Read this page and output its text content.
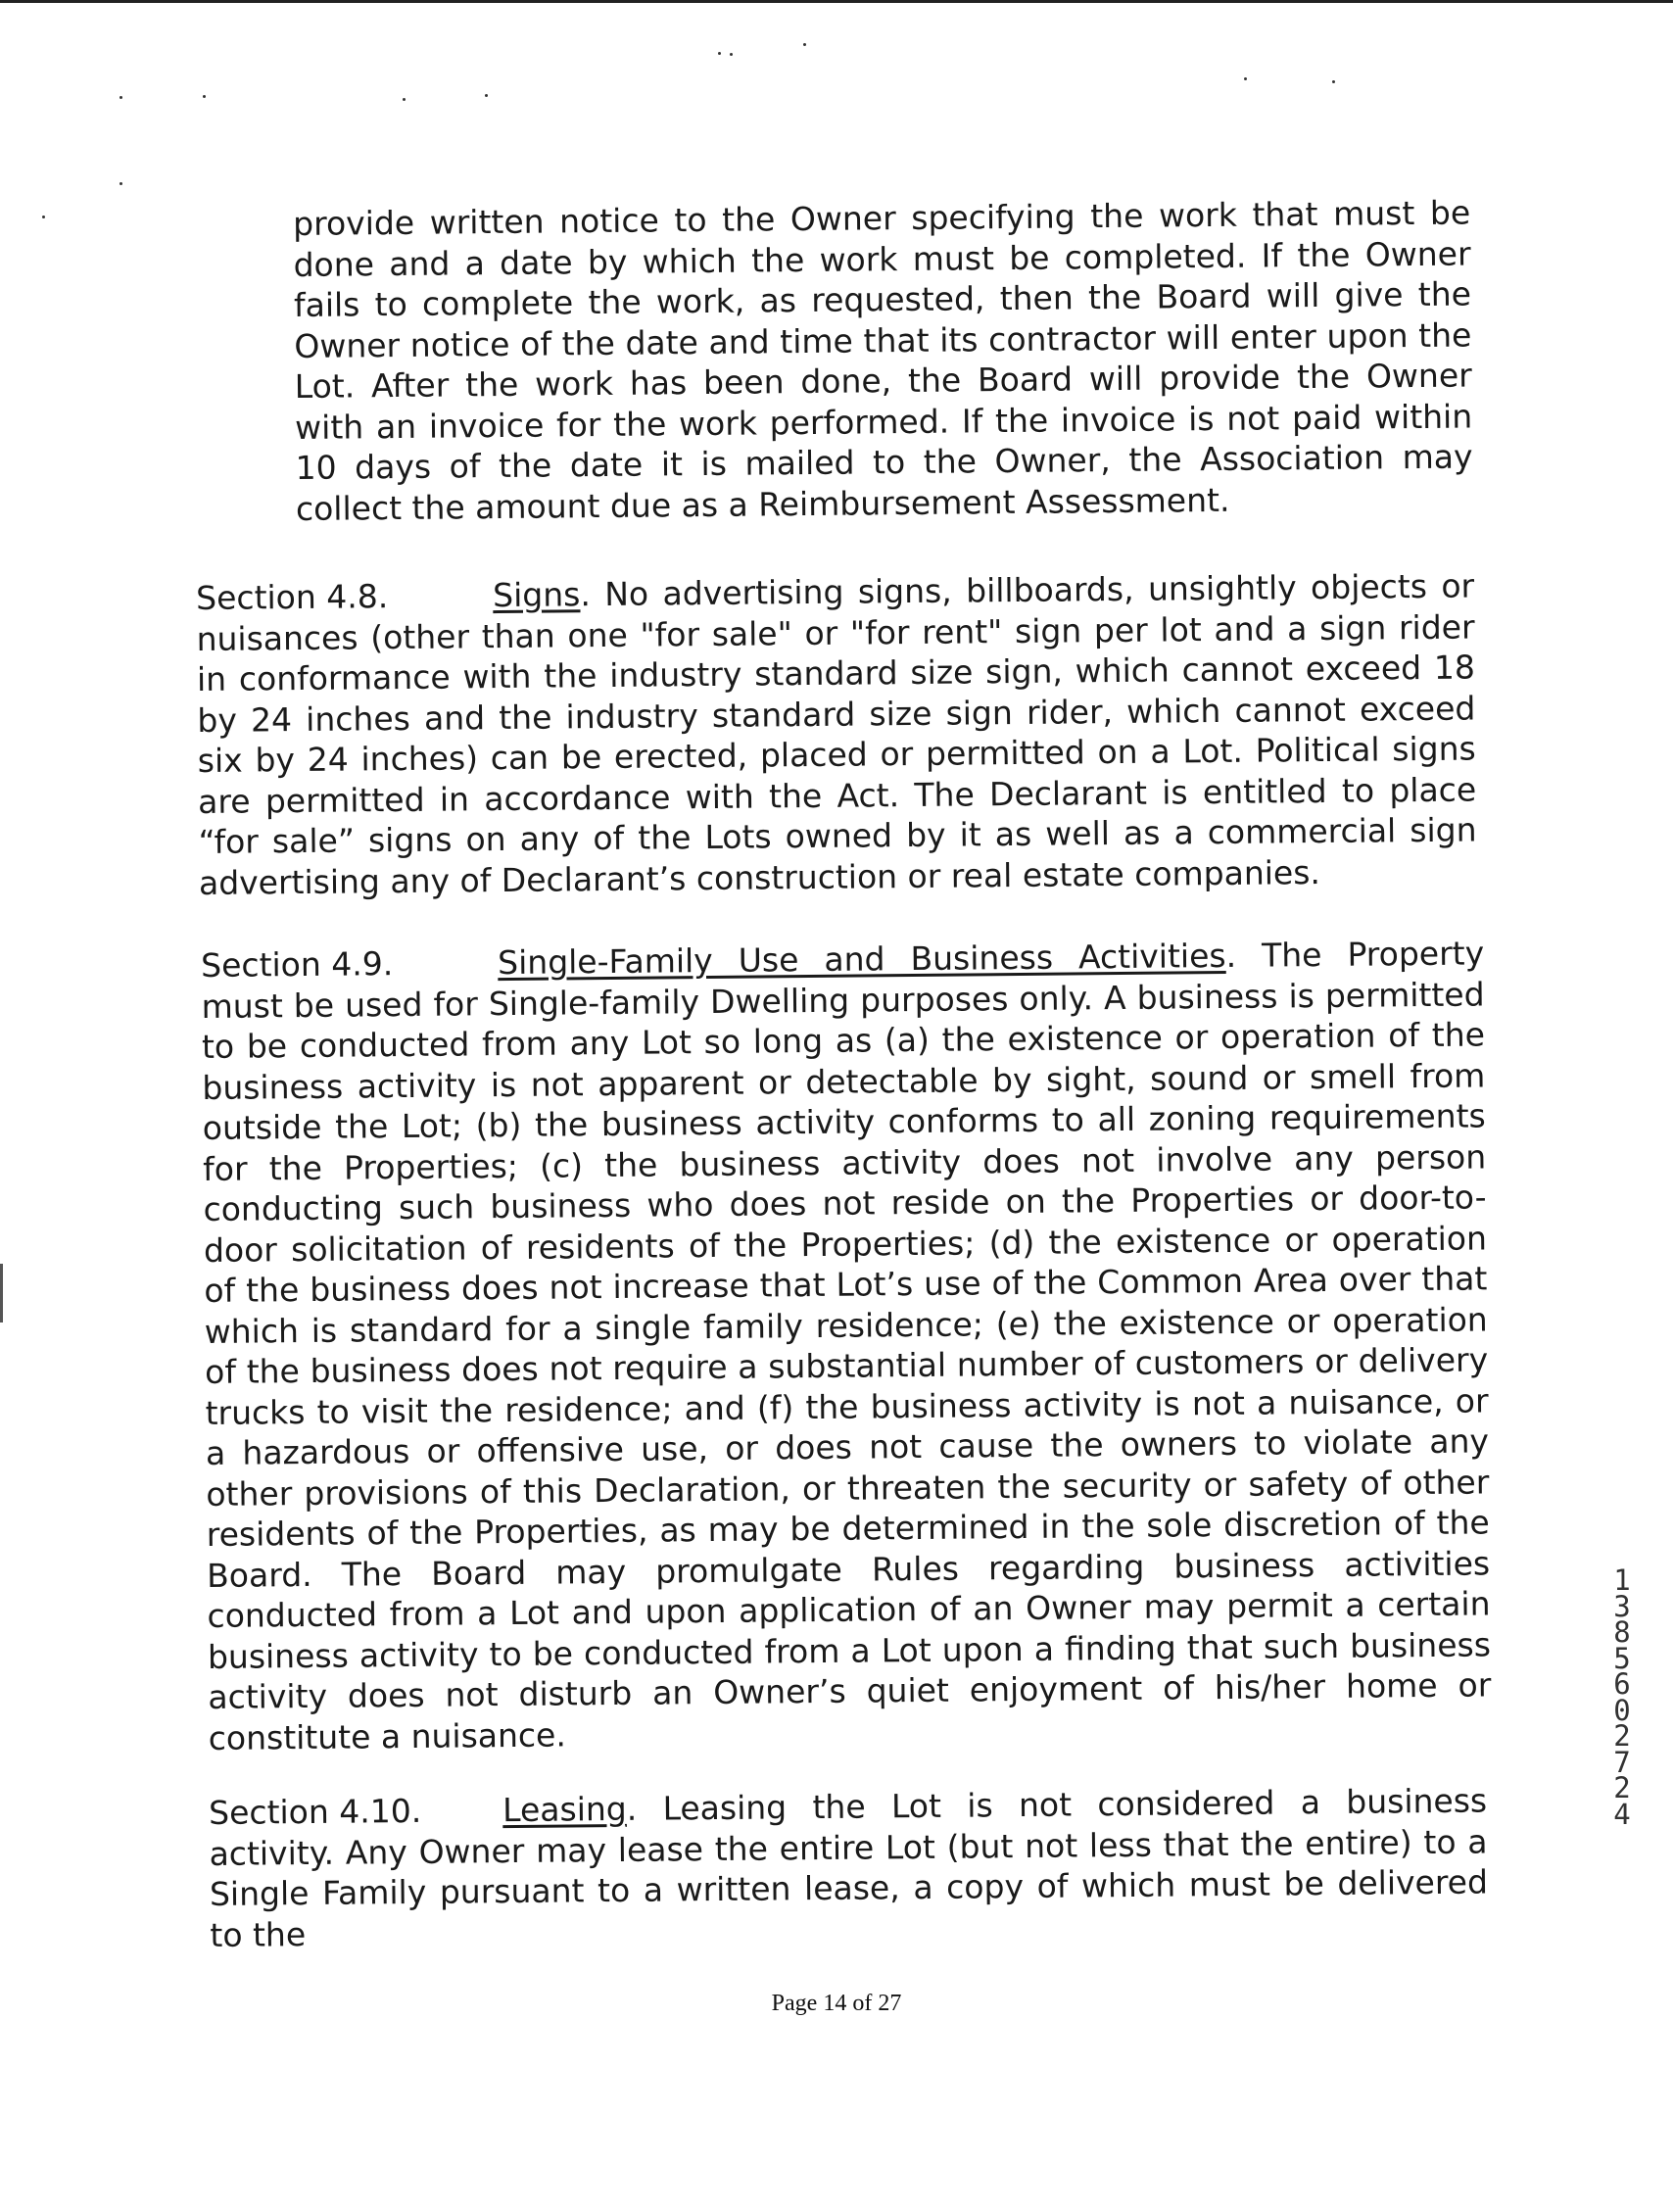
provide written notice to the Owner specifying the work that must be done and a date by which the work must be completed. If the Owner fails to complete the work, as requested, then the Board will give the Owner notice of the date and time that its contractor will enter upon the Lot. After the work has been done, the Board will provide the Owner with an invoice for the work performed. If the invoice is not paid within 10 days of the date it is mailed to the Owner, the Association may collect the amount due as a Reimbursement Assessment.

Section 4.8.	Signs. No advertising signs, billboards, unsightly objects or nuisances (other than one "for sale" or "for rent" sign per lot and a sign rider in conformance with the industry standard size sign, which cannot exceed 18 by 24 inches and the industry standard size sign rider, which cannot exceed six by 24 inches) can be erected, placed or permitted on a Lot. Political signs are permitted in accordance with the Act. The Declarant is entitled to place “for sale” signs on any of the Lots owned by it as well as a commercial sign advertising any of Declarant’s construction or real estate companies.

Section 4.9.	Single-Family Use and Business Activities. The Property must be used for Single-family Dwelling purposes only. A business is permitted to be conducted from any Lot so long as (a) the existence or operation of the business activity is not apparent or detectable by sight, sound or smell from outside the Lot; (b) the business activity conforms to all zoning requirements for the Properties; (c) the business activity does not involve any person conducting such business who does not reside on the Properties or door-to-door solicitation of residents of the Properties; (d) the existence or operation of the business does not increase that Lot’s use of the Common Area over that which is standard for a single family residence; (e) the existence or operation of the business does not require a substantial number of customers or delivery trucks to visit the residence; and (f) the business activity is not a nuisance, or a hazardous or offensive use, or does not cause the owners to violate any other provisions of this Declaration, or threaten the security or safety of other residents of the Properties, as may be determined in the sole discretion of the Board. The Board may promulgate Rules regarding business activities conducted from a Lot and upon application of an Owner may permit a certain business activity to be conducted from a Lot upon a finding that such business activity does not disturb an Owner’s quiet enjoyment of his/her home or constitute a nuisance.

Section 4.10.	Leasing. Leasing the Lot is not considered a business activity. Any Owner may lease the entire Lot (but not less that the entire) to a Single Family pursuant to a written lease, a copy of which must be delivered to the

1
3
8
5
6
0
2
7
2
4
Page 14 of 27
